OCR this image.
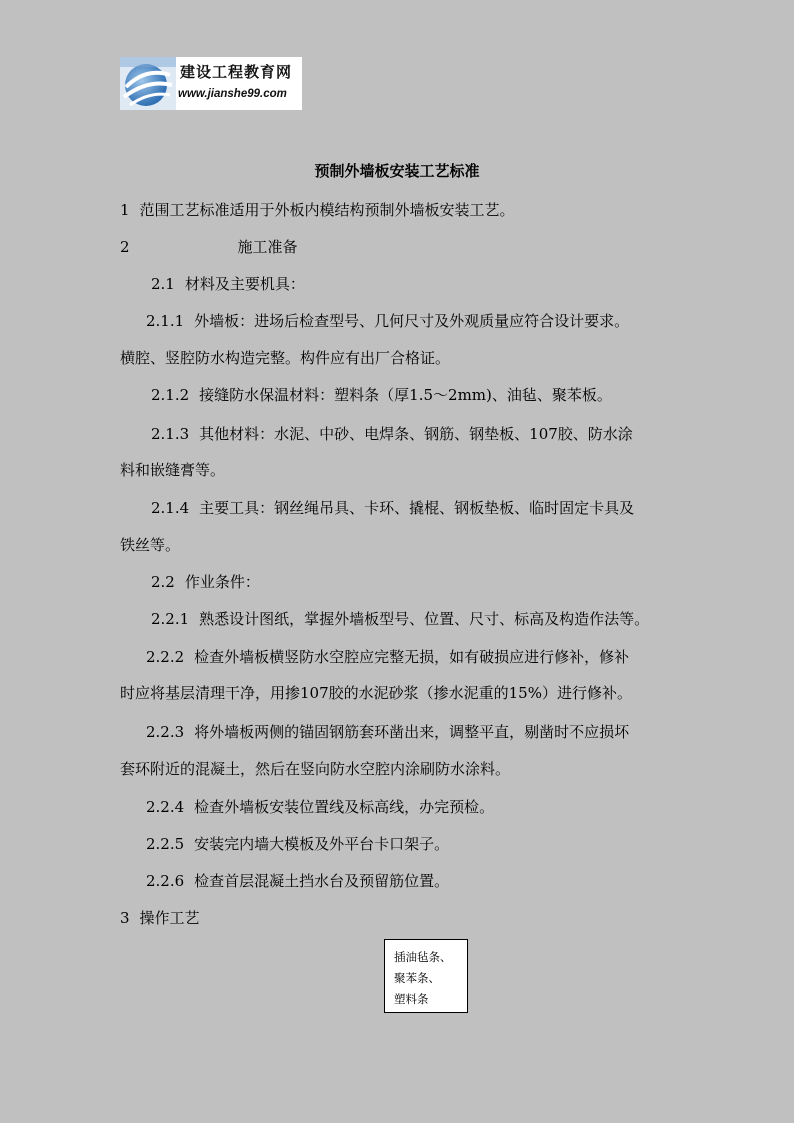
建设工程教育网
www.jianshe99.com
预制外墙板安装工艺标准
1 范围工艺标准适用于外板内模结构预制外墙板安装工艺。
2	施工准备
2.1 材料及主要机具：
2.1.1 外墙板：进场后检查型号、几何尺寸及外观质量应符合设计要求。
横腔、竖腔防水构造完整。构件应有出厂合格证。
2.1.2 接缝防水保温材料：塑料条（厚1.5～2mm)、油毡、聚苯板。
2.1.3 其他材料：水泥、中砂、电焊条、钢筋、钢垫板、107胶、防水涂
料和嵌缝膏等。
2.1.4 主要工具：钢丝绳吊具、卡环、撬棍、钢板垫板、临时固定卡具及
铁丝等。
2.2 作业条件：
2.2.1 熟悉设计图纸，掌握外墙板型号、位置、尺寸、标高及构造作法等。
2.2.2 检查外墙板横竖防水空腔应完整无损，如有破损应进行修补，修补
时应将基层清理干净，用掺107胶的水泥砂浆（掺水泥重的15%）进行修补。
2.2.3 将外墙板两侧的锚固钢筋套环凿出来，调整平直，剔凿时不应损坏
套环附近的混凝土，然后在竖向防水空腔内涂刷防水涂料。
2.2.4 检查外墙板安装位置线及标高线，办完预检。
2.2.5 安装完内墙大模板及外平台卡口架子。
2.2.6 检查首层混凝土挡水台及预留筋位置。
3 操作工艺
插油毡条、
聚苯条、
塑料条
